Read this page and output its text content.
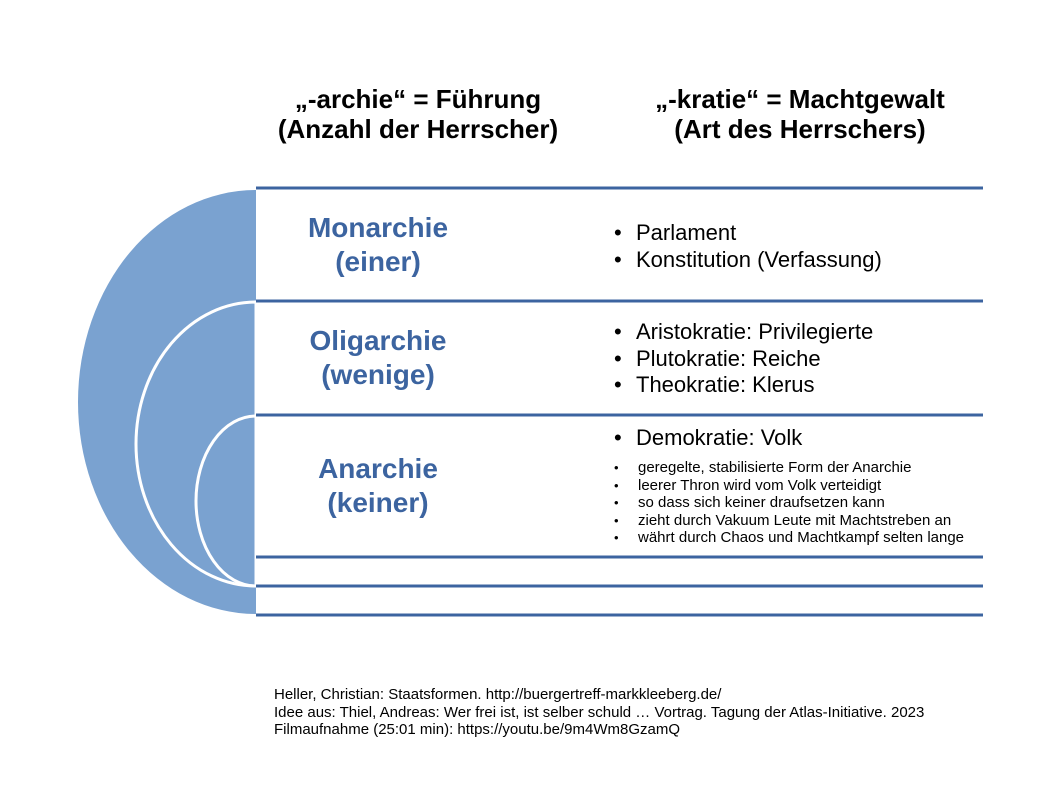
„-archie“ = Führung
(Anzahl der Herrscher)
„-kratie“ = Machtgewalt
(Art des Herrschers)
Monarchie
(einer)
Oligarchie
(wenige)
Anarchie
(keiner)
• Parlament
• Konstitution (Verfassung)
• Aristokratie: Privilegierte
• Plutokratie: Reiche
• Theokratie: Klerus
• Demokratie: Volk
• geregelte, stabilisierte Form der Anarchie
• leerer Thron wird vom Volk verteidigt
• so dass sich keiner draufsetzen kann
• zieht durch Vakuum Leute mit Machtstreben an
• währt durch Chaos und Machtkampf selten lange
Heller, Christian: Staatsformen. http://buergertreff-markkleeberg.de/
Idee aus: Thiel, Andreas: Wer frei ist, ist selber schuld … Vortrag. Tagung der Atlas-Initiative. 2023
Filmaufnahme (25:01 min): https://youtu.be/9m4Wm8GzamQ
